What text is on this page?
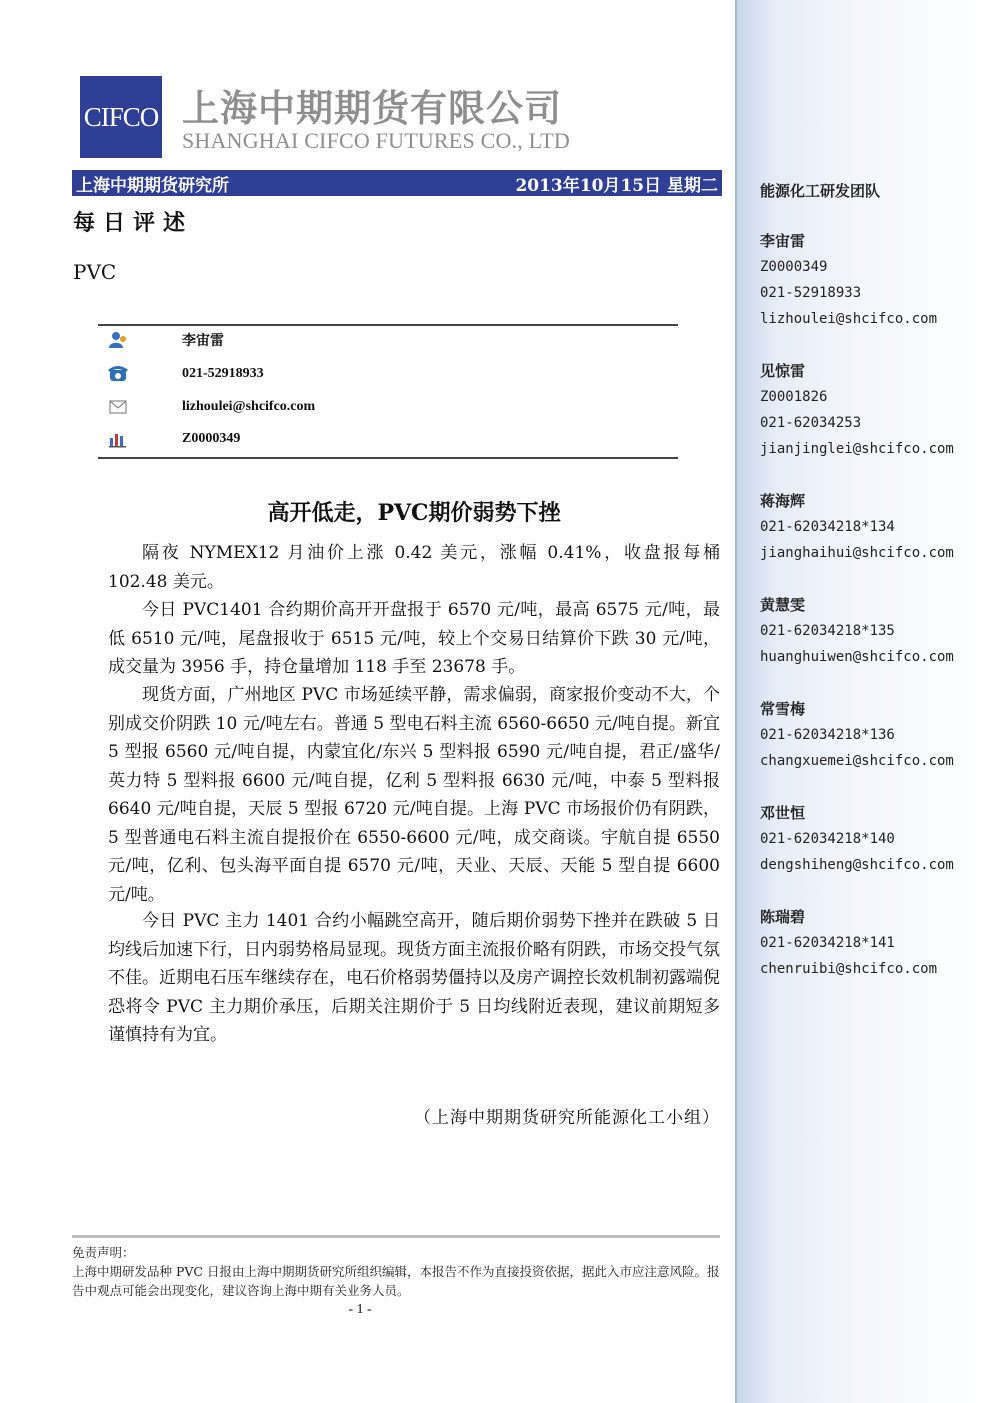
能源化工研发团队
李宙雷
Z0000349
021-52918933
lizhoulei@shcifco.com
见惊雷
Z0001826
021-62034253
jianjinglei@shcifco.com
蒋海辉
021-62034218*134
jianghaihui@shcifco.com
黄慧雯
021-62034218*135
huanghuiwen@shcifco.com
常雪梅
021-62034218*136
changxuemei@shcifco.com
邓世恒
021-62034218*140
dengshiheng@shcifco.com
陈瑞碧
021-62034218*141
chenruibi@shcifco.com
CIFCO 上海中期期货有限公司
SHANGHAI CIFCO FUTURES CO., LTD
上海中期期货研究所	2013年10月15日 星期二
每日评述
PVC
李宙雷
021-52918933
lizhoulei@shcifco.com
Z0000349
高开低走，PVC期价弱势下挫

隔夜 NYMEX12 月油价上涨 0.42 美元，涨幅 0.41%，收盘报每桶 102.48 美元。

今日 PVC1401 合约期价高开开盘报于 6570 元/吨，最高 6575 元/吨，最低 6510 元/吨，尾盘报收于 6515 元/吨，较上个交易日结算价下跌 30 元/吨，成交量为 3956 手，持仓量增加 118 手至 23678 手。

现货方面，广州地区 PVC 市场延续平静，需求偏弱，商家报价变动不大，个别成交价阴跌 10 元/吨左右。普通 5 型电石料主流 6560-6650 元/吨自提。新宜 5 型报 6560 元/吨自提，内蒙宜化/东兴 5 型料报 6590 元/吨自提，君正/盛华/英力特 5 型料报 6600 元/吨自提，亿利 5 型料报 6630 元/吨，中泰 5 型料报 6640 元/吨自提，天辰 5 型报 6720 元/吨自提。上海 PVC 市场报价仍有阴跌，5 型普通电石料主流自提报价在 6550-6600 元/吨，成交商谈。宇航自提 6550 元/吨，亿利、包头海平面自提 6570 元/吨，天业、天辰、天能 5 型自提 6600 元/吨。

今日 PVC 主力 1401 合约小幅跳空高开，随后期价弱势下挫并在跌破 5 日均线后加速下行，日内弱势格局显现。现货方面主流报价略有阴跌，市场交投气氛不佳。近期电石压车继续存在，电石价格弱势僵持以及房产调控长效机制初露端倪恐将令 PVC 主力期价承压，后期关注期价于 5 日均线附近表现，建议前期短多谨慎持有为宜。

（上海中期期货研究所能源化工小组）
免责声明：
上海中期研发品种 PVC 日报由上海中期期货研究所组织编辑，本报告不作为直接投资依据，据此入市应注意风险。报告中观点可能会出现变化，建议咨询上海中期有关业务人员。
- 1 -
